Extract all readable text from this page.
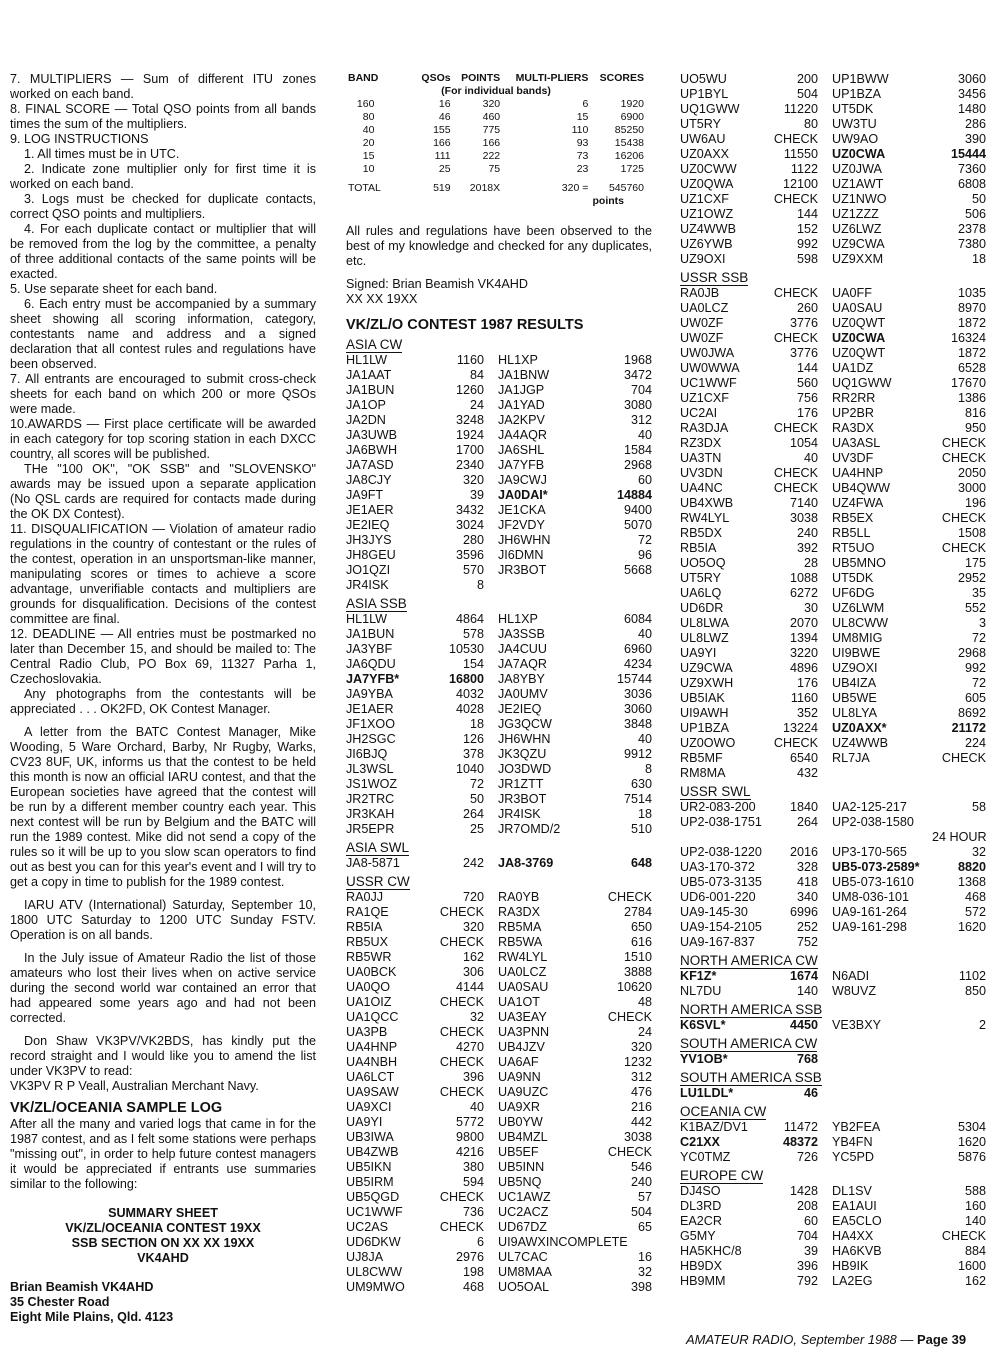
7. MULTIPLIERS — Sum of different ITU zones worked on each band.

8. FINAL SCORE — Total QSO points from all bands times the sum of the multipliers.

9. LOG INSTRUCTIONS

1. All times must be in UTC.

2. Indicate zone multiplier only for first time it is worked on each band.

3. Logs must be checked for duplicate contacts, correct QSO points and multipliers.

4. For each duplicate contact or multiplier that will be removed from the log by the committee, a penalty of three additional contacts of the same points will be exacted.

5. Use separate sheet for each band.

6. Each entry must be accompanied by a summary sheet showing all scoring information, category, contestants name and address and a signed declaration that all contest rules and regulations have been observed.

7. All entrants are encouraged to submit cross-check sheets for each band on which 200 or more QSOs were made.

10.AWARDS — First place certificate will be awarded in each category for top scoring station in each DXCC country, all scores will be published.

THe "100 OK", "OK SSB" and "SLOVENSKO" awards may be issued upon a separate application (No QSL cards are required for contacts made during the OK DX Contest).

11. DISQUALIFICATION — Violation of amateur radio regulations in the country of contestant or the rules of the contest, operation in an unsportsman-like manner, manipulating scores or times to achieve a score advantage, unverifiable contacts and multipliers are grounds for disqualification. Decisions of the contest committee are final.

12. DEADLINE — All entries must be postmarked no later than December 15, and should be mailed to: The Central Radio Club, PO Box 69, 11327 Parha 1, Czechoslovakia.

Any photographs from the contestants will be appreciated . . . OK2FD, OK Contest Manager.

A letter from the BATC Contest Manager, Mike Wooding, 5 Ware Orchard, Barby, Nr Rugby, Warks, CV23 8UF, UK, informs us that the contest to be held this month is now an official IARU contest, and that the European societies have agreed that the contest will be run by a different member country each year. This next contest will be run by Belgium and the BATC will run the 1989 contest. Mike did not send a copy of the rules so it will be up to you slow scan operators to find out as best you can for this year's event and I will try to get a copy in time to publish for the 1989 contest.

IARU ATV (International) Saturday, September 10, 1800 UTC Saturday to 1200 UTC Sunday FSTV. Operation is on all bands.

In the July issue of Amateur Radio the list of those amateurs who lost their lives when on active service during the second world war contained an error that had appeared some years ago and had not been corrected.

Don Shaw VK3PV/VK2BDS, has kindly put the record straight and I would like you to amend the list under VK3PV to read:

VK3PV R P Veall, Australian Merchant Navy.

VK/ZL/OCEANIA SAMPLE LOG

After all the many and varied logs that came in for the 1987 contest, and as I felt some stations were perhaps "missing out", in order to help future contest managers it would be appreciated if entrants use summaries similar to the following:

SUMMARY SHEET
VK/ZL/OCEANIA CONTEST 19XX
SSB SECTION ON XX XX 19XX
VK4AHD
Brian Beamish VK4AHD
35 Chester Road
Eight Mile Plains, Qld. 4123
BAND	QSOs	POINTS	MULTI-PLIERS	SCORES
(For individual bands)				
160	16	320	6	1920
80	46	460	15	6900
40	155	775	110	85250
20	166	166	93	15438
15	111	222	73	16206
10	25	75	23	1725

TOTAL	519	2018X	320 =	545760
points				

All rules and regulations have been observed to the best of my knowledge and checked for any duplicates, etc.

Signed: Brian Beamish VK4AHD

XX XX 19XX

VK/ZL/O CONTEST 1987 RESULTS
ASIA CW
HL1LW	1160	HL1XP	1968
JA1AAT	84	JA1BNW	3472
JA1BUN	1260	JA1JGP	704
JA1OP	24	JA1YAD	3080
JA2DN	3248	JA2KPV	312
JA3UWB	1924	JA4AQR	40
JA6BWH	1700	JA6SHL	1584
JA7ASD	2340	JA7YFB	2968
JA8CJY	320	JA9CWJ	60
JA9FT	39	JA0DAI*	14884
JE1AER	3432	JE1CKA	9400
JE2IEQ	3024	JF2VDY	5070
JH3JYS	280	JH6WHN	72
JH8GEU	3596	JI6DMN	96
JO1QZI	570	JR3BOT	5668
JR4ISK	8
ASIA SSB
HL1LW	4864	HL1XP	6084
JA1BUN	578	JA3SSB	40
JA3YBF	10530	JA4CUU	6960
JA6QDU	154	JA7AQR	4234
JA7YFB*	16800	JA8YBY	15744
JA9YBA	4032	JA0UMV	3036
JE1AER	4028	JE2IEQ	3060
JF1XOO	18	JG3QCW	3848
JH2SGC	126	JH6WHN	40
JI6BJQ	378	JK3QZU	9912
JL3WSL	1040	JO3DWD	8
JS1WOZ	72	JR1ZTT	630
JR2TRC	50	JR3BOT	7514
JR3KAH	264	JR4ISK	18
JR5EPR	25	JR7OMD/2	510
ASIA SWL
JA8-5871	242	JA8-3769	648
USSR CW
RA0JJ	720	RA0YB	CHECK
RA1QE	CHECK	RA3DX	2784
RB5IA	320	RB5MA	650
RB5UX	CHECK	RB5WA	616
RB5WR	162	RW4LYL	1510
UA0BCK	306	UA0LCZ	3888
UA0QO	4144	UA0SAU	10620
UA1OIZ	CHECK	UA1OT	48
UA1QCC	32	UA3EAY	CHECK
UA3PB	CHECK	UA3PNN	24
UA4HNP	4270	UB4JZV	320
UA4NBH	CHECK	UA6AF	1232
UA6LCT	396	UA9NN	312
UA9SAW	CHECK	UA9UZC	476
UA9XCI	40	UA9XR	216
UA9YI	5772	UB0YW	442
UB3IWA	9800	UB4MZL	3038
UB4ZWB	4216	UB5EF	CHECK
UB5IKN	380	UB5INN	546
UB5IRM	594	UB5NQ	240
UB5QGD	CHECK	UC1AWZ	57
UC1WWF	736	UC2ACZ	504
UC2AS	CHECK	UD67DZ	65
UD6DKW	6	UI9AWXINCOMPLETE
UJ8JA	2976	UL7CAC	16
UL8CWW	198	UM8MAA	32
UM9MWO	468	UO5OAL	398
UO5WU	200	UP1BWW	3060
UP1BYL	504	UP1BZA	3456
UQ1GWW	11220	UT5DK	1480
UT5RY	80	UW3TU	286
UW6AU	CHECK	UW9AO	390
UZ0AXX	11550	UZ0CWA	15444
UZ0CWW	1122	UZ0JWA	7360
UZ0QWA	12100	UZ1AWT	6808
UZ1CXF	CHECK	UZ1NWO	50
UZ1OWZ	144	UZ1ZZZ	506
UZ4WWB	152	UZ6LWZ	2378
UZ6YWB	992	UZ9CWA	7380
UZ9OXI	598	UZ9XXM	18
USSR SSB
RA0JB	CHECK	UA0FF	1035
UA0LCZ	260	UA0SAU	8970
UW0ZF	3776	UZ0QWT	1872
UW0ZF	CHECK	UZ0CWA	16324
UW0JWA	3776	UZ0QWT	1872
UW0WWA	144	UA1DZ	6528
UC1WWF	560	UQ1GWW	17670
UZ1CXF	756	RR2RR	1386
UC2AI	176	UP2BR	816
RA3DJA	CHECK	RA3DX	950
RZ3DX	1054	UA3ASL	CHECK
UA3TN	40	UV3DF	CHECK
UV3DN	CHECK	UA4HNP	2050
UA4NC	CHECK	UB4QWW	3000
UB4XWB	7140	UZ4FWA	196
RW4LYL	3038	RB5EX	CHECK
RB5DX	240	RB5LL	1508
RB5IA	392	RT5UO	CHECK
UO5OQ	28	UB5MNO	175
UT5RY	1088	UT5DK	2952
UA6LQ	6272	UF6DG	35
UD6DR	30	UZ6LWM	552
UL8LWA	2070	UL8CWW	3
UL8LWZ	1394	UM8MIG	72
UA9YI	3220	UI9BWE	2968
UZ9CWA	4896	UZ9OXI	992
UZ9XWH	176	UB4IZA	72
UB5IAK	1160	UB5WE	605
UI9AWH	352	UL8LYA	8692
UP1BZA	13224	UZ0AXX*	21172
UZ0OWO	CHECK	UZ4WWB	224
RB5MF	6540	RL7JA	CHECK
RM8MA	432
USSR SWL
UR2-083-200	1840	UA2-125-217	58
UP2-038-1751	264	UP2-038-1580
24 HOUR
UP2-038-1220	2016	UP3-170-565	32
UA3-170-372	328	UB5-073-2589*	8820
UB5-073-3135	418	UB5-073-1610	1368
UD6-001-220	340	UM8-036-101	468
UA9-145-30	6996	UA9-161-264	572
UA9-154-2105	252	UA9-161-298	1620
UA9-167-837	752
NORTH AMERICA CW
KF1Z*	1674	N6ADI	1102
NL7DU	140	W8UVZ	850
NORTH AMERICA SSB
K6SVL*	4450	VE3BXY	2
SOUTH AMERICA CW
YV1OB*	768
SOUTH AMERICA SSB
LU1LDL*	46
OCEANIA CW
K1BAZ/DV1	11472	YB2FEA	5304
C21XX	48372	YB4FN	1620
YC0TMZ	726	YC5PD	5876
EUROPE CW
DJ4SO	1428	DL1SV	588
DL3RD	208	EA1AUI	160
EA2CR	60	EA5CLO	140
G5MY	704	HA4XX	CHECK
HA5KHC/8	39	HA6KVB	884
HB9DX	396	HB9IK	1600
HB9MM	792	LA2EG	162
AMATEUR RADIO, September 1988 — Page 39
